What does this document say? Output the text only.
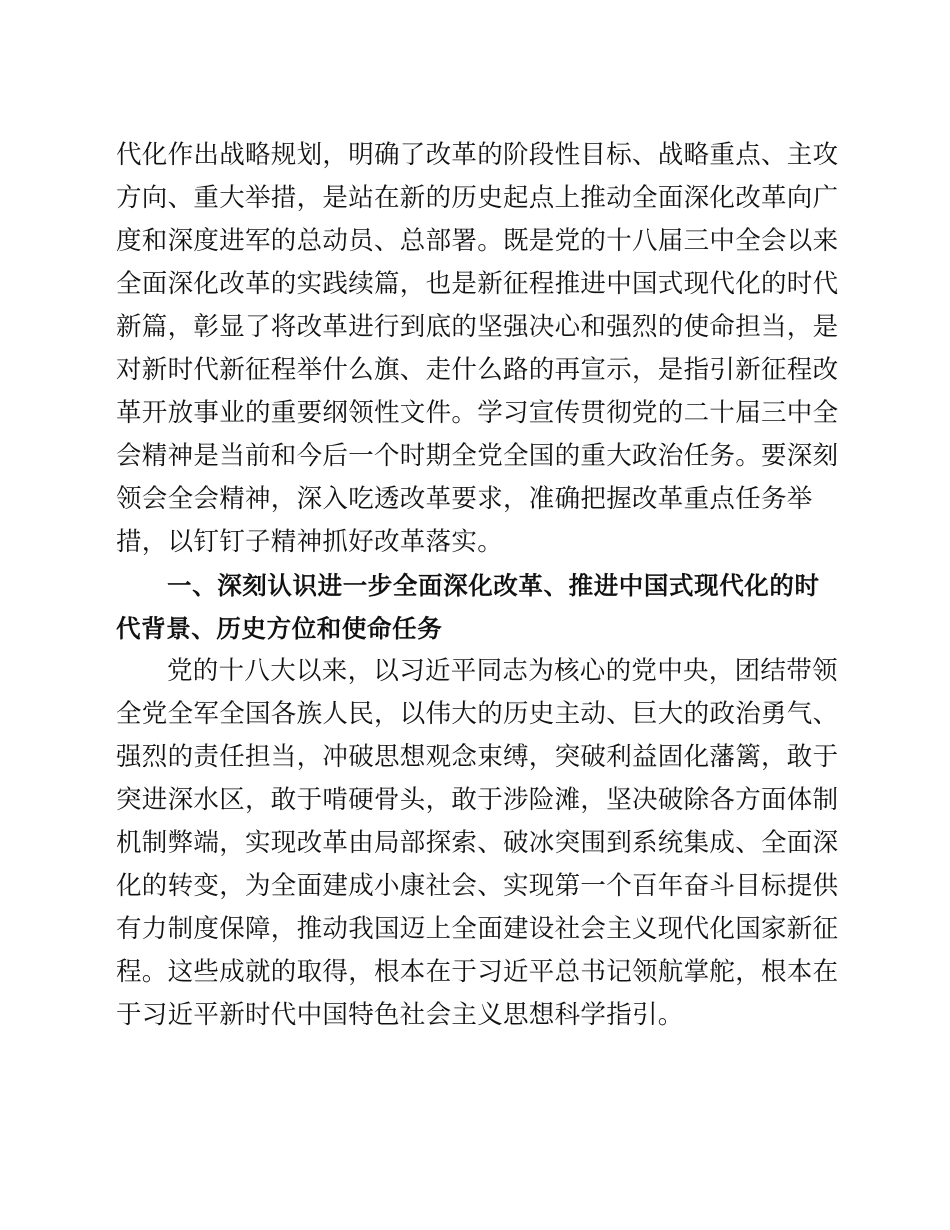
代化作出战略规划，明确了改革的阶段性目标、战略重点、主攻
方向、重大举措，是站在新的历史起点上推动全面深化改革向广
度和深度进军的总动员、总部署。既是党的十八届三中全会以来
全面深化改革的实践续篇，也是新征程推进中国式现代化的时代
新篇，彰显了将改革进行到底的坚强决心和强烈的使命担当，是
对新时代新征程举什么旗、走什么路的再宣示，是指引新征程改
革开放事业的重要纲领性文件。学习宣传贯彻党的二十届三中全
会精神是当前和今后一个时期全党全国的重大政治任务。要深刻
领会全会精神，深入吃透改革要求，准确把握改革重点任务举
措，以钉钉子精神抓好改革落实。
一、深刻认识进一步全面深化改革、推进中国式现代化的时
代背景、历史方位和使命任务
党的十八大以来，以习近平同志为核心的党中央，团结带领
全党全军全国各族人民，以伟大的历史主动、巨大的政治勇气、
强烈的责任担当，冲破思想观念束缚，突破利益固化藩篱，敢于
突进深水区，敢于啃硬骨头，敢于涉险滩，坚决破除各方面体制
机制弊端，实现改革由局部探索、破冰突围到系统集成、全面深
化的转变，为全面建成小康社会、实现第一个百年奋斗目标提供
有力制度保障，推动我国迈上全面建设社会主义现代化国家新征
程。这些成就的取得，根本在于习近平总书记领航掌舵，根本在
于习近平新时代中国特色社会主义思想科学指引。
